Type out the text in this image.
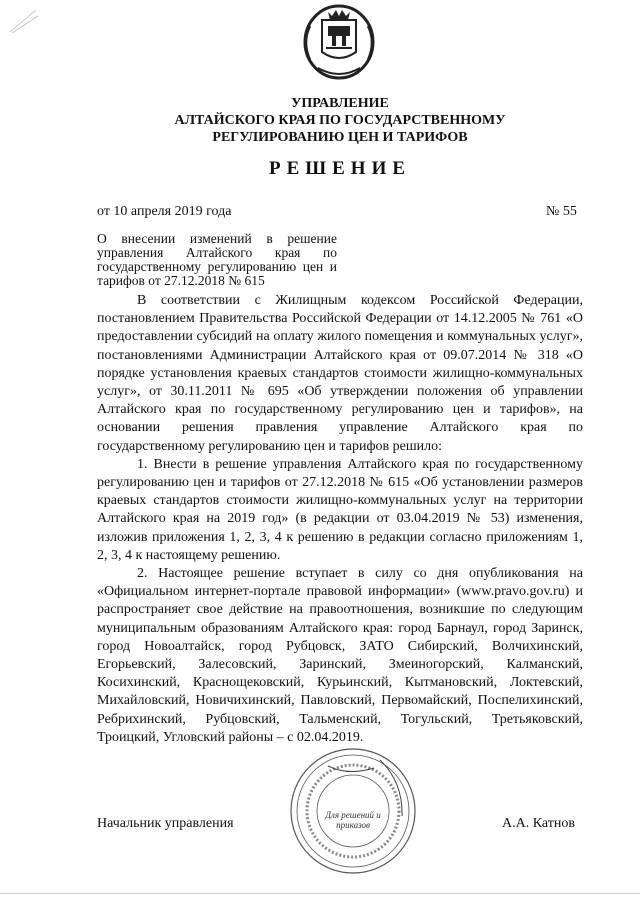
УПРАВЛЕНИЕ
АЛТАЙСКОГО КРАЯ ПО ГОСУДАРСТВЕННОМУ
РЕГУЛИРОВАНИЮ ЦЕН И ТАРИФОВ
РЕШЕНИЕ
от 10 апреля 2019 года	№ 55
О внесении изменений в решение управления Алтайского края по государственному регулированию цен и тарифов от 27.12.2018 № 615

В соответствии с Жилищным кодексом Российской Федерации, постановлением Правительства Российской Федерации от 14.12.2005 № 761 «О предоставлении субсидий на оплату жилого помещения и коммунальных услуг», постановлениями Администрации Алтайского края от 09.07.2014 № 318 «О порядке установления краевых стандартов стоимости жилищно-коммунальных услуг», от 30.11.2011 № 695 «Об утверждении положения об управлении Алтайского края по государственному регулированию цен и тарифов», на основании решения правления управление Алтайского края по государственному регулированию цен и тарифов решило:

1. Внести в решение управления Алтайского края по государственному регулированию цен и тарифов от 27.12.2018 № 615 «Об установлении размеров краевых стандартов стоимости жилищно-коммунальных услуг на территории Алтайского края на 2019 год» (в редакции от 03.04.2019 № 53) изменения, изложив приложения 1, 2, 3, 4 к решению в редакции согласно приложениям 1, 2, 3, 4 к настоящему решению.

2. Настоящее решение вступает в силу со дня опубликования на «Официальном интернет-портале правовой информации» (www.pravo.gov.ru) и распространяет свое действие на правоотношения, возникшие по следующим муниципальным образованиям Алтайского края: город Барнаул, город Заринск, город Новоалтайск, город Рубцовск, ЗАТО Сибирский, Волчихинский, Егорьевский, Залесовский, Заринский, Змеиногорский, Калманский, Косихинский, Краснощековский, Курьинский, Кытмановский, Локтевский, Михайловский, Новичихинский, Павловский, Первомайский, Поспелихинский, Ребрихинский, Рубцовский, Тальменский, Тогульский, Третьяковский, Троицкий, Угловский районы – с 02.04.2019.

Начальник управления	А.А. Катнов
Для решений и приказов
